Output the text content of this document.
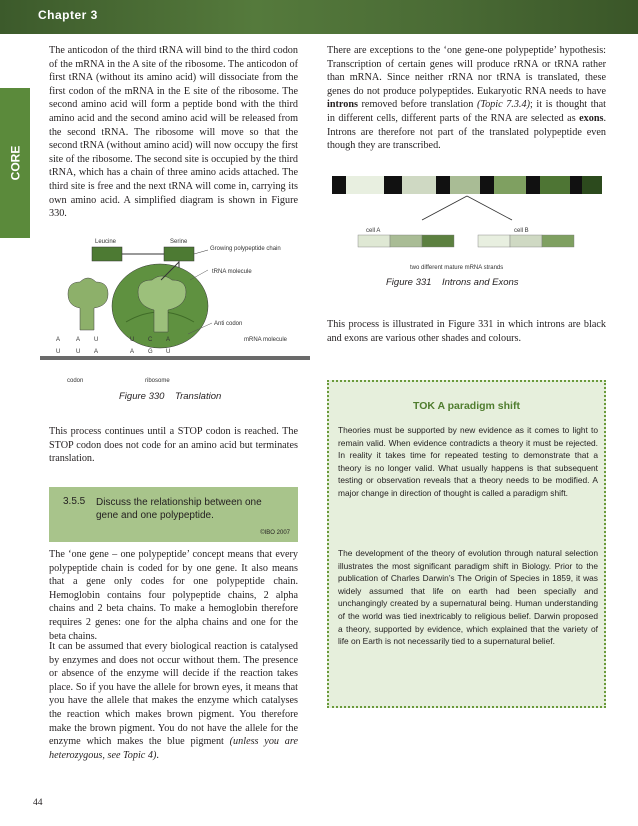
Chapter 3
CORE

The anticodon of the third tRNA will bind to the third codon of the mRNA in the A site of the ribosome. The anticodon of first tRNA (without its amino acid) will dissociate from the first codon of the mRNA in the E site of the ribosome. The second amino acid will form a peptide bond with the third amino acid and the second amino acid will be released from the second tRNA. The ribosome will move so that the second tRNA (without amino acid) will now occupy the first site of the ribosome. The second site is occupied by the third tRNA, which has a chain of three amino acids attached. The third site is free and the next tRNA will come in, carrying its own amino acid. A simplified diagram is shown in Figure 330.

A	A U	U C A
U	U A	A G U
Leucine	Serine
Growing polypeptide chain
tRNA molecule
Anti codon
mRNA molecule
codon	ribosome
Figure 330 Translation

This process continues until a STOP codon is reached. The STOP codon does not code for an amino acid but terminates translation.

3.5.5 Discuss the relationship between one gene and one polypeptide.
©IBO 2007

The ‘one gene – one polypeptide’ concept means that every polypeptide chain is coded for by one gene. It also means that a gene only codes for one polypeptide chain. Hemoglobin contains four polypeptide chains, 2 alpha chains and 2 beta chains. To make a hemoglobin therefore requires 2 genes: one for the alpha chains and one for the beta chains.

It can be assumed that every biological reaction is catalysed by enzymes and does not occur without them. The presence or absence of the enzyme will decide if the reaction takes place. So if you have the allele for brown eyes, it means that you have the allele that makes the enzyme which catalyses the reaction which makes brown pigment. You therefore make the brown pigment. You do not have the allele for the enzyme which makes the blue pigment (unless you are heterozygous, see Topic 4).

There are exceptions to the ‘one gene-one polypeptide’ hypothesis: Transcription of certain genes will produce rRNA or tRNA rather than mRNA. Since neither rRNA nor tRNA is translated, these genes do not produce polypeptides. Eukaryotic RNA needs to have introns removed before translation (Topic 7.3.4); it is thought that in different cells, different parts of the RNA are selected as exons. Introns are therefore not part of the translated polypeptide even though they are transcribed.

cell A	cell B
two different mature mRNA strands
Figure 331 Introns and Exons

This process is illustrated in Figure 331 in which introns are black and exons are various other shades and colours.

TOK A paradigm shift

Theories must be supported by new evidence as it comes to light to remain valid. When evidence contradicts a theory it must be rejected. In reality it takes time for repeated testing to demonstrate that a theory is no longer valid. What usually happens is that subsequent testing or observation reveals that a theory needs to be modified. A major change in direction of thought is called a paradigm shift.

The development of the theory of evolution through natural selection illustrates the most significant paradigm shift in Biology. Prior to the publication of Charles Darwin’s The Origin of Species in 1859, it was widely assumed that life on earth had been specially and unchangingly created by a supernatural being. Human understanding of the world was tied inextricably to religious belief. Darwin proposed a theory, supported by evidence, which explained that the variety of life on Earth is not necessarily tied to a supernatural belief.

44
